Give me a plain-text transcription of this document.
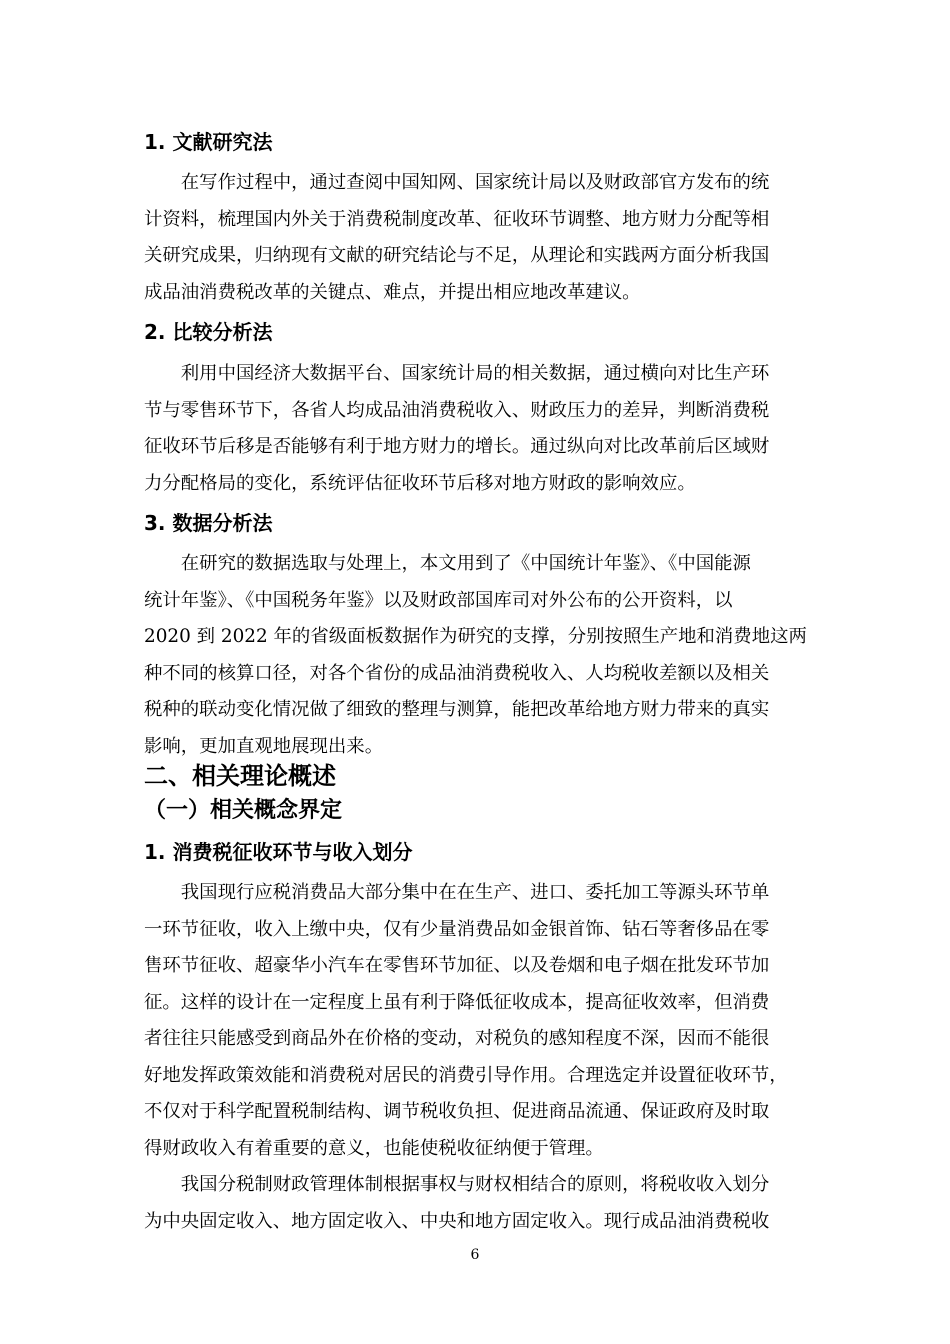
1. 文献研究法
　　在写作过程中，通过查阅中国知网、国家统计局以及财政部官方发布的统
计资料，梳理国内外关于消费税制度改革、征收环节调整、地方财力分配等相
关研究成果，归纳现有文献的研究结论与不足，从理论和实践两方面分析我国
成品油消费税改革的关键点、难点，并提出相应地改革建议。
2. 比较分析法
　　利用中国经济大数据平台、国家统计局的相关数据，通过横向对比生产环
节与零售环节下，各省人均成品油消费税收入、财政压力的差异，判断消费税
征收环节后移是否能够有利于地方财力的增长。通过纵向对比改革前后区域财
力分配格局的变化，系统评估征收环节后移对地方财政的影响效应。
3. 数据分析法
　　在研究的数据选取与处理上，本文用到了《中国统计年鉴》、《中国能源
统计年鉴》、《中国税务年鉴》以及财政部国库司对外公布的公开资料，以
2020 到 2022 年的省级面板数据作为研究的支撑，分别按照生产地和消费地这两
种不同的核算口径，对各个省份的成品油消费税收入、人均税收差额以及相关
税种的联动变化情况做了细致的整理与测算，能把改革给地方财力带来的真实
影响，更加直观地展现出来。
二、相关理论概述
（一）相关概念界定
1. 消费税征收环节与收入划分
　　我国现行应税消费品大部分集中在在生产、进口、委托加工等源头环节单
一环节征收，收入上缴中央，仅有少量消费品如金银首饰、钻石等奢侈品在零
售环节征收、超豪华小汽车在零售环节加征、以及卷烟和电子烟在批发环节加
征。这样的设计在一定程度上虽有利于降低征收成本，提高征收效率，但消费
者往往只能感受到商品外在价格的变动，对税负的感知程度不深，因而不能很
好地发挥政策效能和消费税对居民的消费引导作用。合理选定并设置征收环节，
不仅对于科学配置税制结构、调节税收负担、促进商品流通、保证政府及时取
得财政收入有着重要的意义，也能使税收征纳便于管理。
　　我国分税制财政管理体制根据事权与财权相结合的原则，将税收收入划分
为中央固定收入、地方固定收入、中央和地方固定收入。现行成品油消费税收
6
